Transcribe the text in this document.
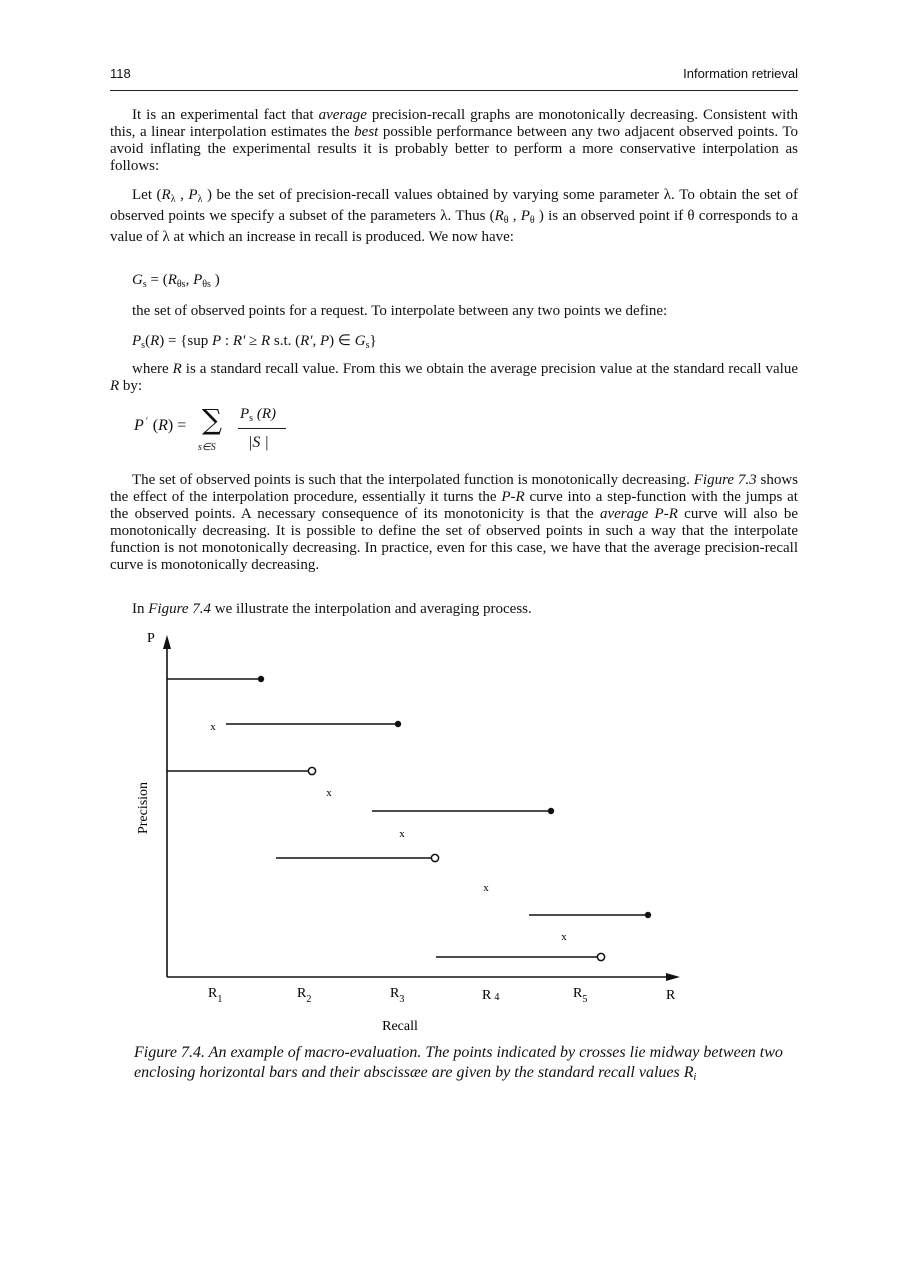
118	Information retrieval

It is an experimental fact that average precision-recall graphs are monotonically decreasing. Consistent with this, a linear interpolation estimates the best possible performance between any two adjacent observed points. To avoid inflating the experimental results it is probably better to perform a more conservative interpolation as follows:

Let ($R_\lambda$ , $P_\lambda$ ) be the set of precision-recall values obtained by varying some parameter λ. To obtain the set of observed points we specify a subset of the parameters λ. Thus ($R_\theta$ , $P_\theta$ ) is an observed point if θ corresponds to a value of λ at which an increase in recall is produced. We now have:

$G_s = (R_{\theta s}$, $P_{\theta s}$ )

the set of observed points for a request. To interpolate between any two points we define:

$P_s(R) = \{sup$ P : R' ≥ R s.t. (R', P) ∈ $G_s$}

where R is a standard recall value. From this we obtain the average precision value at the standard recall value R by:

P´ (R) = ∑
s∈S
$P_s$ (R)
|S |

The set of observed points is such that the interpolated function is monotonically decreasing. Figure 7.3 shows the effect of the interpolation procedure, essentially it turns the P-R curve into a step-function with the jumps at the observed points. A necessary consequence of its monotonicity is that the average P-R curve will also be monotonically decreasing. It is possible to define the set of observed points in such a way that the interpolate function is not monotonically decreasing. In practice, even for this case, we have that the average precision-recall curve is monotonically decreasing.

In Figure 7.4 we illustrate the interpolation and averaging process.

P
Precision
x
x
x
x
x
$R_1$	$R_2$	$R_3$	R 4	$R_5$	R
Recall

Figure 7.4. An example of macro-evaluation. The points indicated by crosses lie midway between two enclosing horizontal bars and their abscissæe are given by the standard recall values $R_i$
